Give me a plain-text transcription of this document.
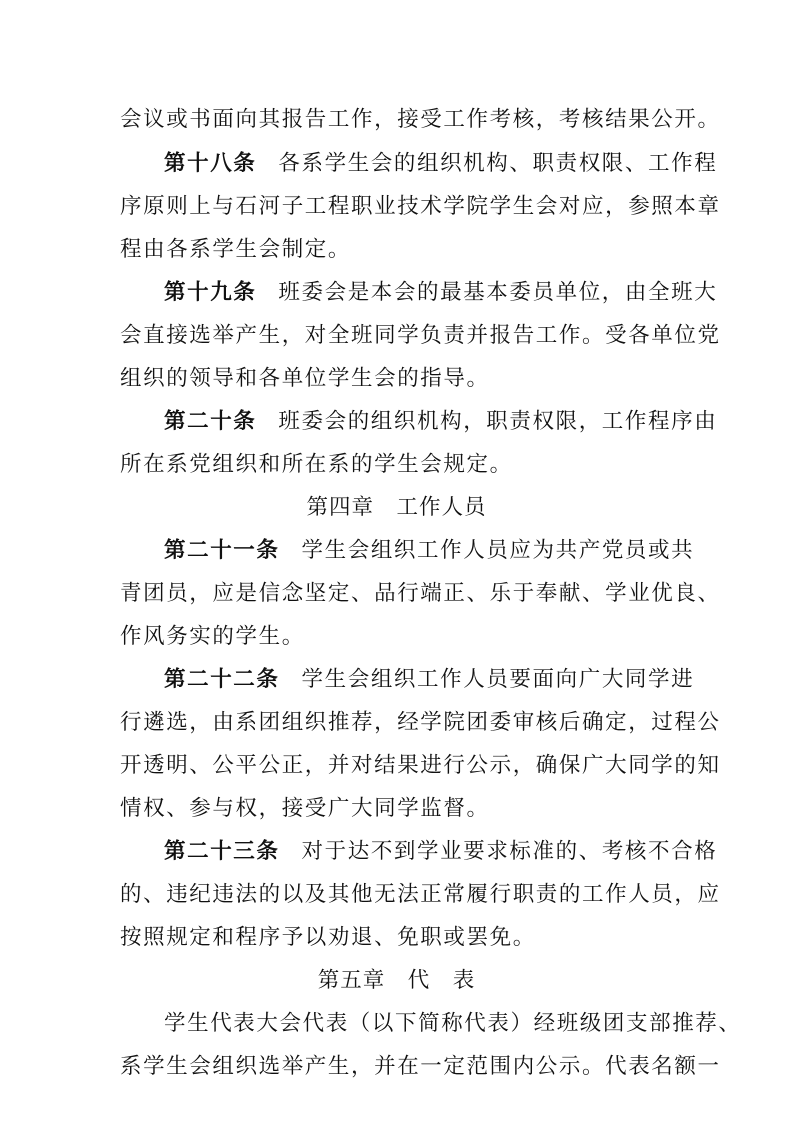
会议或书面向其报告工作，接受工作考核，考核结果公开。
第十八条 各系学生会的组织机构、职责权限、工作程
序原则上与石河子工程职业技术学院学生会对应，参照本章
程由各系学生会制定。
第十九条 班委会是本会的最基本委员单位，由全班大
会直接选举产生，对全班同学负责并报告工作。受各单位党
组织的领导和各单位学生会的指导。
第二十条 班委会的组织机构，职责权限，工作程序由
所在系党组织和所在系的学生会规定。
第四章　工作人员
第二十一条 学生会组织工作人员应为共产党员或共
青团员，应是信念坚定、品行端正、乐于奉献、学业优良、
作风务实的学生。
第二十二条 学生会组织工作人员要面向广大同学进
行遴选，由系团组织推荐，经学院团委审核后确定，过程公
开透明、公平公正，并对结果进行公示，确保广大同学的知
情权、参与权，接受广大同学监督。
第二十三条 对于达不到学业要求标准的、考核不合格
的、违纪违法的以及其他无法正常履行职责的工作人员，应
按照规定和程序予以劝退、免职或罢免。
第五章　代　表
学生代表大会代表（以下简称代表）经班级团支部推荐、
系学生会组织选举产生，并在一定范围内公示。代表名额一
